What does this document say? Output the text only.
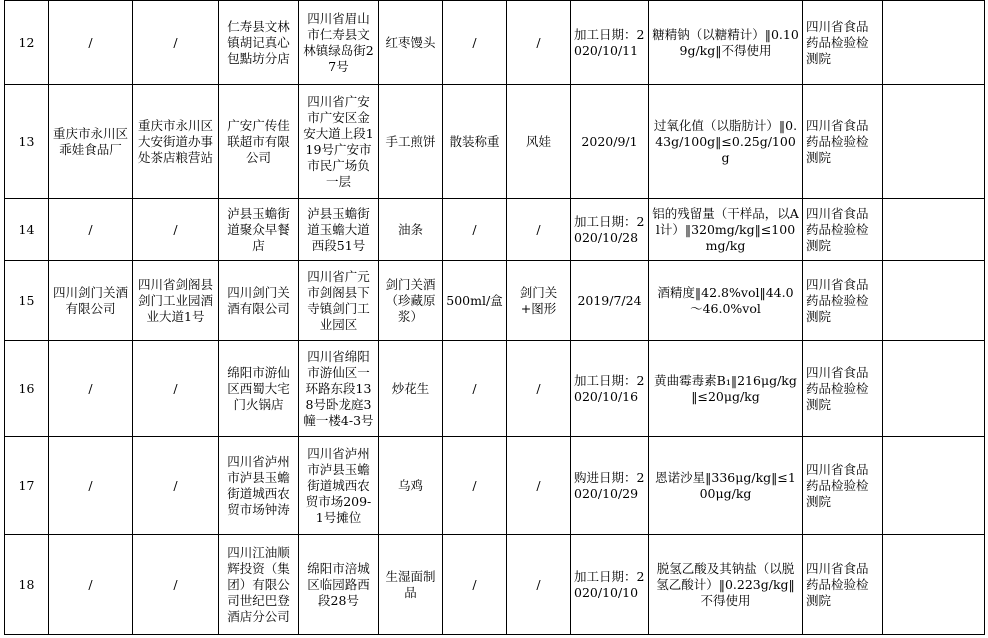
12	/	/	仁寿县文林镇胡记真心包點坊分店	四川省眉山市仁寿县文林镇绿岛街27号	红枣馒头	/	/	加工日期：2020/10/11	糖精钠（以糖精计）‖0.109g/kg‖不得使用	四川省食品药品检验检测院	
13	重庆市永川区乖娃食品厂	重庆市永川区大安街道办事处茶店粮营站	广安广传佳联超市有限公司	四川省广安市广安区金安大道上段119号广安市市民广场负一层	手工煎饼	散装称重	风娃	2020/9/1	过氧化值（以脂肪计）‖0.43g/100g‖≤0.25g/100g	四川省食品药品检验检测院	
14	/	/	泸县玉蟾街道聚众早餐店	泸县玉蟾街道玉蟾大道西段51号	油条	/	/	加工日期：2020/10/28	铝的残留量（干样品，以Al计）‖320mg/kg‖≤100mg/kg	四川省食品药品检验检测院	
15	四川剑门关酒有限公司	四川省剑阁县剑门工业园酒业大道1号	四川剑门关酒有限公司	四川省广元市剑阁县下寺镇剑门工业园区	剑门关酒（珍藏原浆）	500ml/盒	剑门关+图形	2019/7/24	酒精度‖42.8%vol‖44.0～46.0%vol	四川省食品药品检验检测院	
16	/	/	绵阳市游仙区西蜀大宅门火锅店	四川省绵阳市游仙区一环路东段138号卧龙庭3幢一楼4-3号	炒花生	/	/	加工日期：2020/10/16	黄曲霉毒素B₁‖216μg/kg‖≤20μg/kg	四川省食品药品检验检测院	
17	/	/	四川省泸州市泸县玉蟾街道城西农贸市场钟涛	四川省泸州市泸县玉蟾街道城西农贸市场209-1号摊位	乌鸡	/	/	购进日期：2020/10/29	恩诺沙星‖336μg/kg‖≤100μg/kg	四川省食品药品检验检测院	
18	/	/	四川江油顺辉投资（集团）有限公司世纪巴登酒店分公司	绵阳市涪城区临园路西段28号	生湿面制品	/	/	加工日期：2020/10/10	脱氢乙酸及其钠盐（以脱氢乙酸计）‖0.223g/kg‖不得使用	四川省食品药品检验检测院	
